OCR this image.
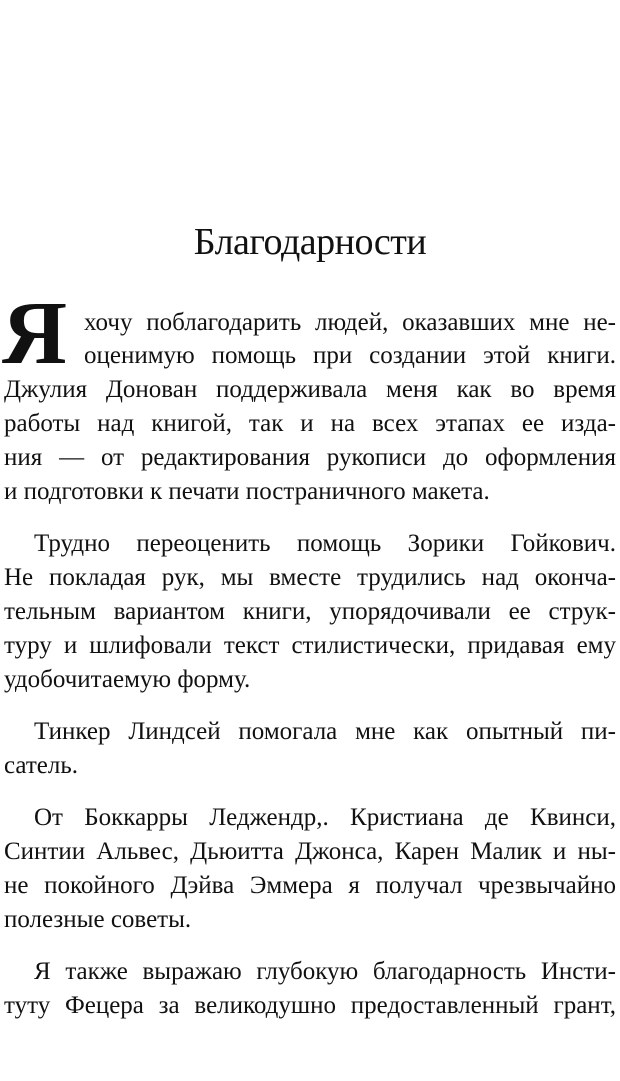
Благодарности
Я хочу поблагодарить людей, оказавших мне не-
оценимую помощь при создании этой книги.
Джулия Донован поддерживала меня как во время
работы над книгой, так и на всех этапах ее изда-
ния — от редактирования рукописи до оформления
и подготовки к печати постраничного макета.
Трудно переоценить помощь Зорики Гойкович.
Не покладая рук, мы вместе трудились над оконча-
тельным вариантом книги, упорядочивали ее струк-
туру и шлифовали текст стилистически, придавая ему
удобочитаемую форму.
Тинкер Линдсей помогала мне как опытный пи-
сатель.
От Боккарры Леджендр,. Кристиана де Квинси,
Синтии Альвес, Дьюитта Джонса, Карен Малик и ны-
не покойного Дэйва Эммера я получал чрезвычайно
полезные советы.
Я также выражаю глубокую благодарность Инсти-
туту Фецера за великодушно предоставленный грант,
